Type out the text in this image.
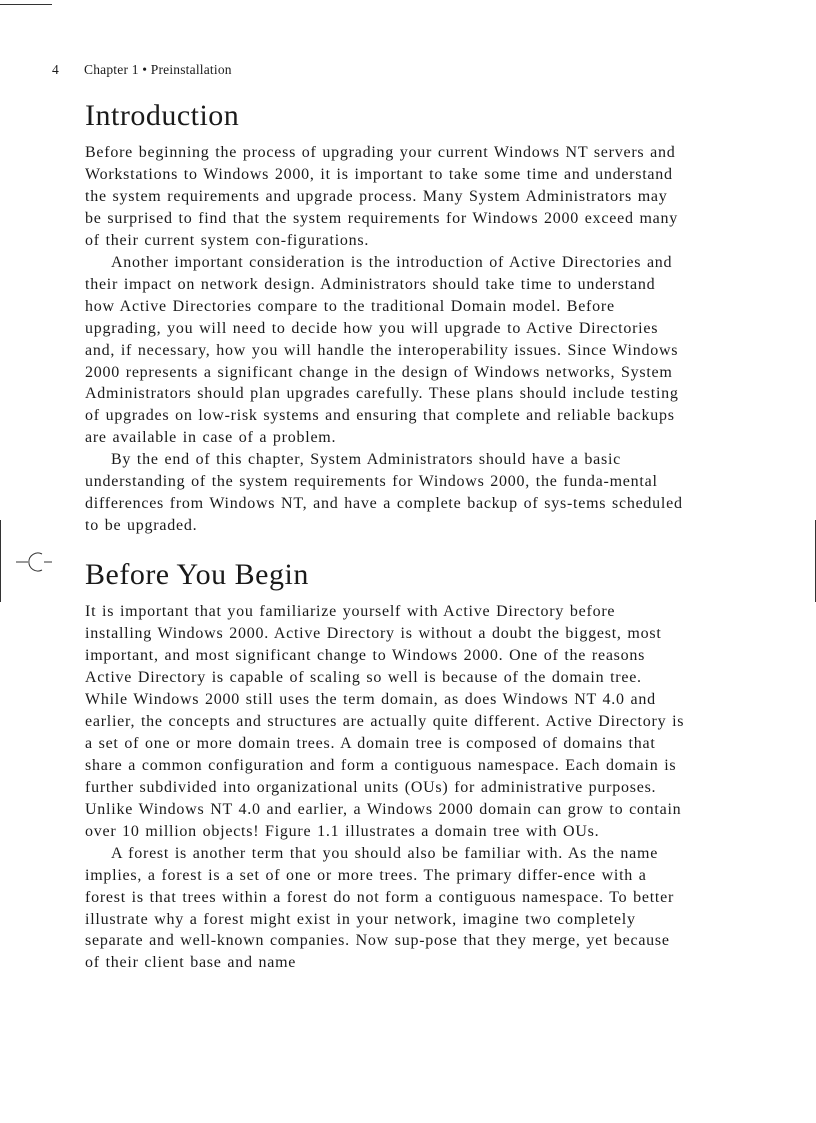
4 Chapter 1 • Preinstallation
Introduction

Before beginning the process of upgrading your current Windows NT servers and Workstations to Windows 2000, it is important to take some time and understand the system requirements and upgrade process. Many System Administrators may be surprised to find that the system requirements for Windows 2000 exceed many of their current system con-figurations.

Another important consideration is the introduction of Active Directories and their impact on network design. Administrators should take time to understand how Active Directories compare to the traditional Domain model. Before upgrading, you will need to decide how you will upgrade to Active Directories and, if necessary, how you will handle the interoperability issues. Since Windows 2000 represents a significant change in the design of Windows networks, System Administrators should plan upgrades carefully. These plans should include testing of upgrades on low-risk systems and ensuring that complete and reliable backups are available in case of a problem.

By the end of this chapter, System Administrators should have a basic understanding of the system requirements for Windows 2000, the funda-mental differences from Windows NT, and have a complete backup of sys-tems scheduled to be upgraded.

Before You Begin

It is important that you familiarize yourself with Active Directory before installing Windows 2000. Active Directory is without a doubt the biggest, most important, and most significant change to Windows 2000. One of the reasons Active Directory is capable of scaling so well is because of the domain tree. While Windows 2000 still uses the term domain, as does Windows NT 4.0 and earlier, the concepts and structures are actually quite different. Active Directory is a set of one or more domain trees. A domain tree is composed of domains that share a common configuration and form a contiguous namespace. Each domain is further subdivided into organizational units (OUs) for administrative purposes. Unlike Windows NT 4.0 and earlier, a Windows 2000 domain can grow to contain over 10 million objects! Figure 1.1 illustrates a domain tree with OUs.

A forest is another term that you should also be familiar with. As the name implies, a forest is a set of one or more trees. The primary differ-ence with a forest is that trees within a forest do not form a contiguous namespace. To better illustrate why a forest might exist in your network, imagine two completely separate and well-known companies. Now sup-pose that they merge, yet because of their client base and name
